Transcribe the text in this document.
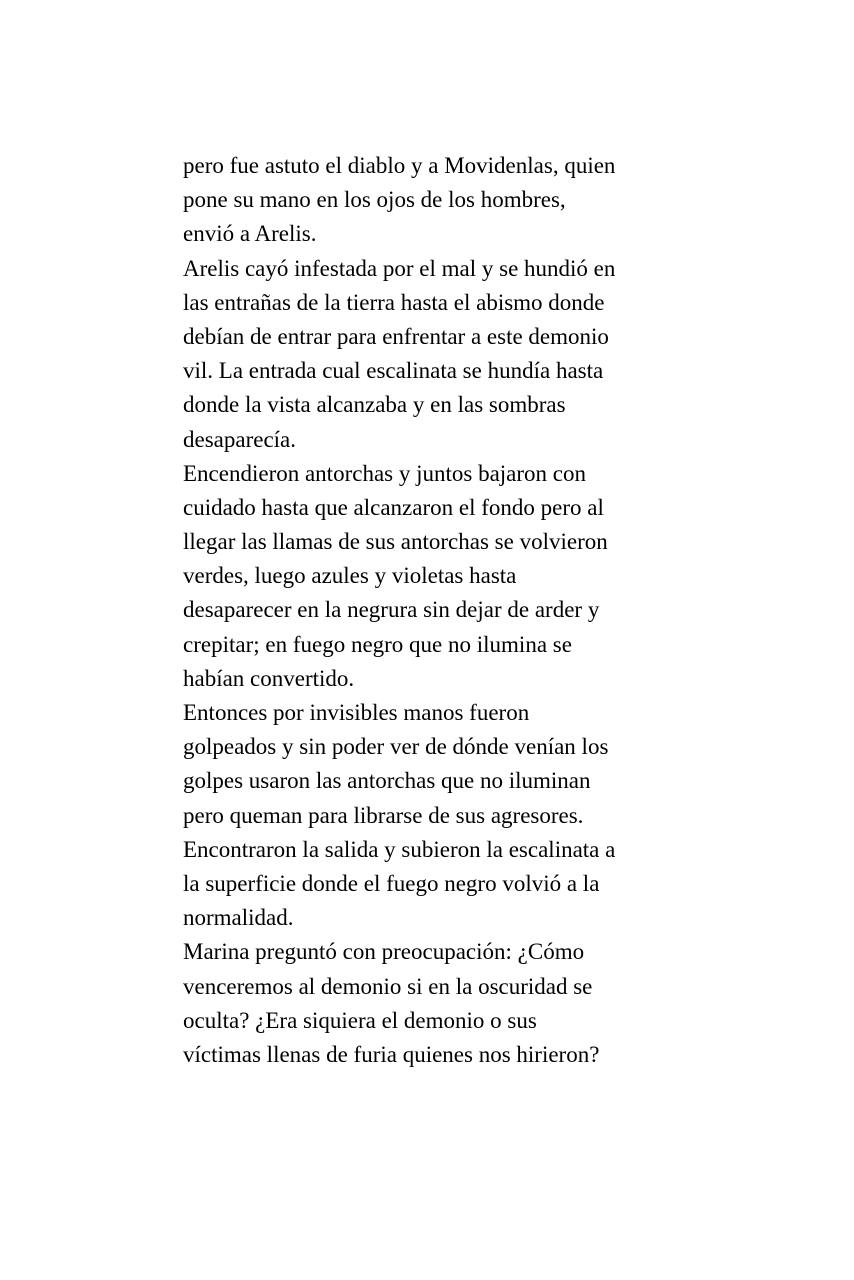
pero fue astuto el diablo y a Movidenlas, quien
pone su mano en los ojos de los hombres,
envió a Arelis.
Arelis cayó infestada por el mal y se hundió en
las entrañas de la tierra hasta el abismo donde
debían de entrar para enfrentar a este demonio
vil. La entrada cual escalinata se hundía hasta
donde la vista alcanzaba y en las sombras
desaparecía.
Encendieron antorchas y juntos bajaron con
cuidado hasta que alcanzaron el fondo pero al
llegar las llamas de sus antorchas se volvieron
verdes, luego azules y violetas hasta
desaparecer en la negrura sin dejar de arder y
crepitar; en fuego negro que no ilumina se
habían convertido.
Entonces por invisibles manos fueron
golpeados y sin poder ver de dónde venían los
golpes usaron las antorchas que no iluminan
pero queman para librarse de sus agresores.
Encontraron la salida y subieron la escalinata a
la superficie donde el fuego negro volvió a la
normalidad.
Marina preguntó con preocupación: ¿Cómo
venceremos al demonio si en la oscuridad se
oculta? ¿Era siquiera el demonio o sus
víctimas llenas de furia quienes nos hirieron?
